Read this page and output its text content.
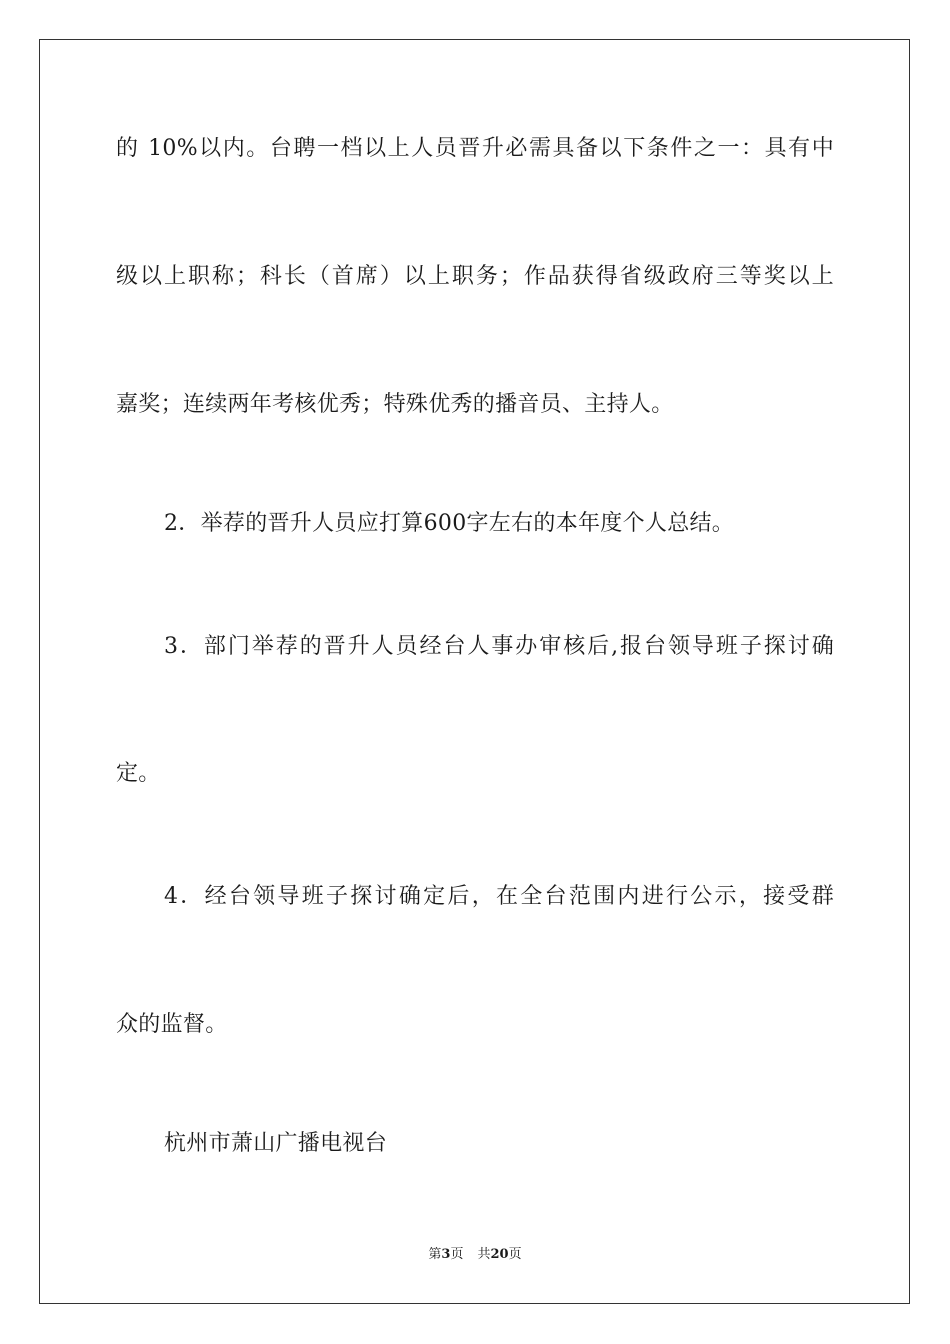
的 10%以内。台聘一档以上人员晋升必需具备以下条件之一：具有中
级以上职称；科长（首席）以上职务；作品获得省级政府三等奖以上
嘉奖；连续两年考核优秀；特殊优秀的播音员、主持人。
2．举荐的晋升人员应打算600字左右的本年度个人总结。
3．部门举荐的晋升人员经台人事办审核后,报台领导班子探讨确
定。
4．经台领导班子探讨确定后，在全台范围内进行公示，接受群
众的监督。
杭州市萧山广播电视台
第3页 共20页
